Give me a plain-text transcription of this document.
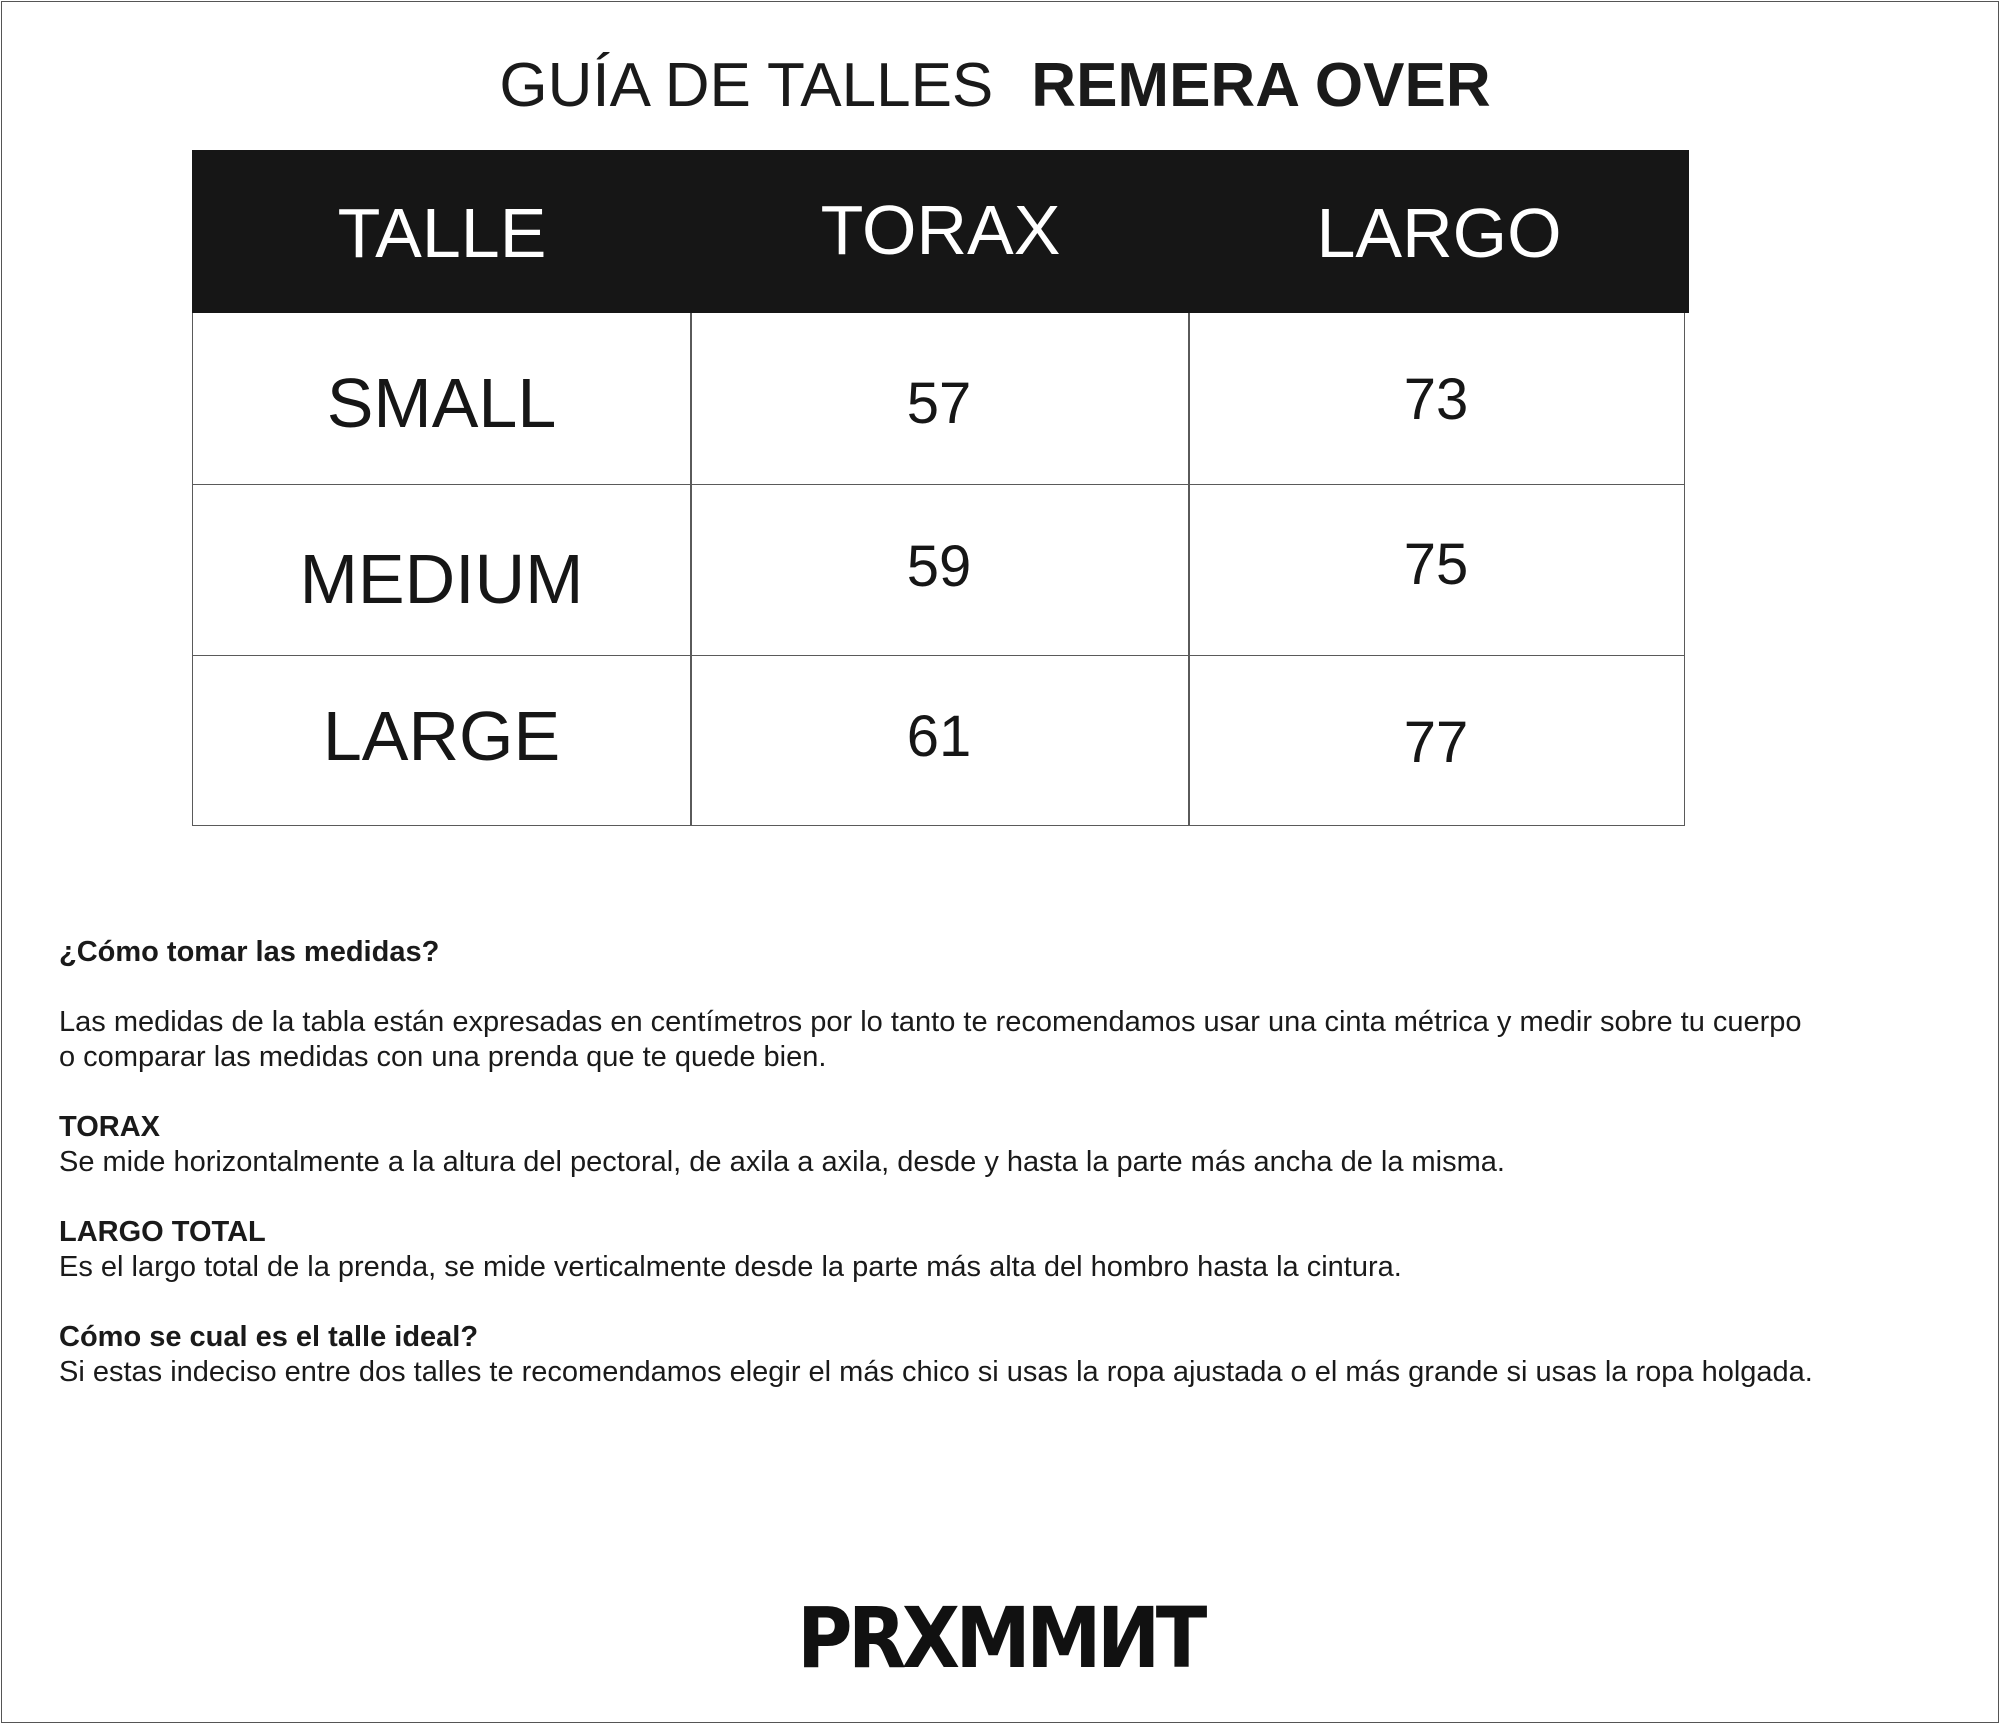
GUÍA DE TALLES REMERA OVER
TALLE	TORAX	LARGO
SMALL	57	73
MEDIUM	59	75
LARGE	61	77

¿Cómo tomar las medidas?

Las medidas de la tabla están expresadas en centímetros por lo tanto te recomendamos usar una cinta métrica y medir sobre tu cuerpo

o comparar las medidas con una prenda que te quede bien.

TORAX

Se mide horizontalmente a la altura del pectoral, de axila a axila, desde y hasta la parte más ancha de la misma.

LARGO TOTAL

Es el largo total de la prenda, se mide verticalmente desde la parte más alta del hombro hasta la cintura.

Cómo se cual es el talle ideal?

Si estas indeciso entre dos talles te recomendamos elegir el más chico si usas la ropa ajustada o el más grande si usas la ropa holgada.

PRXMMИT
